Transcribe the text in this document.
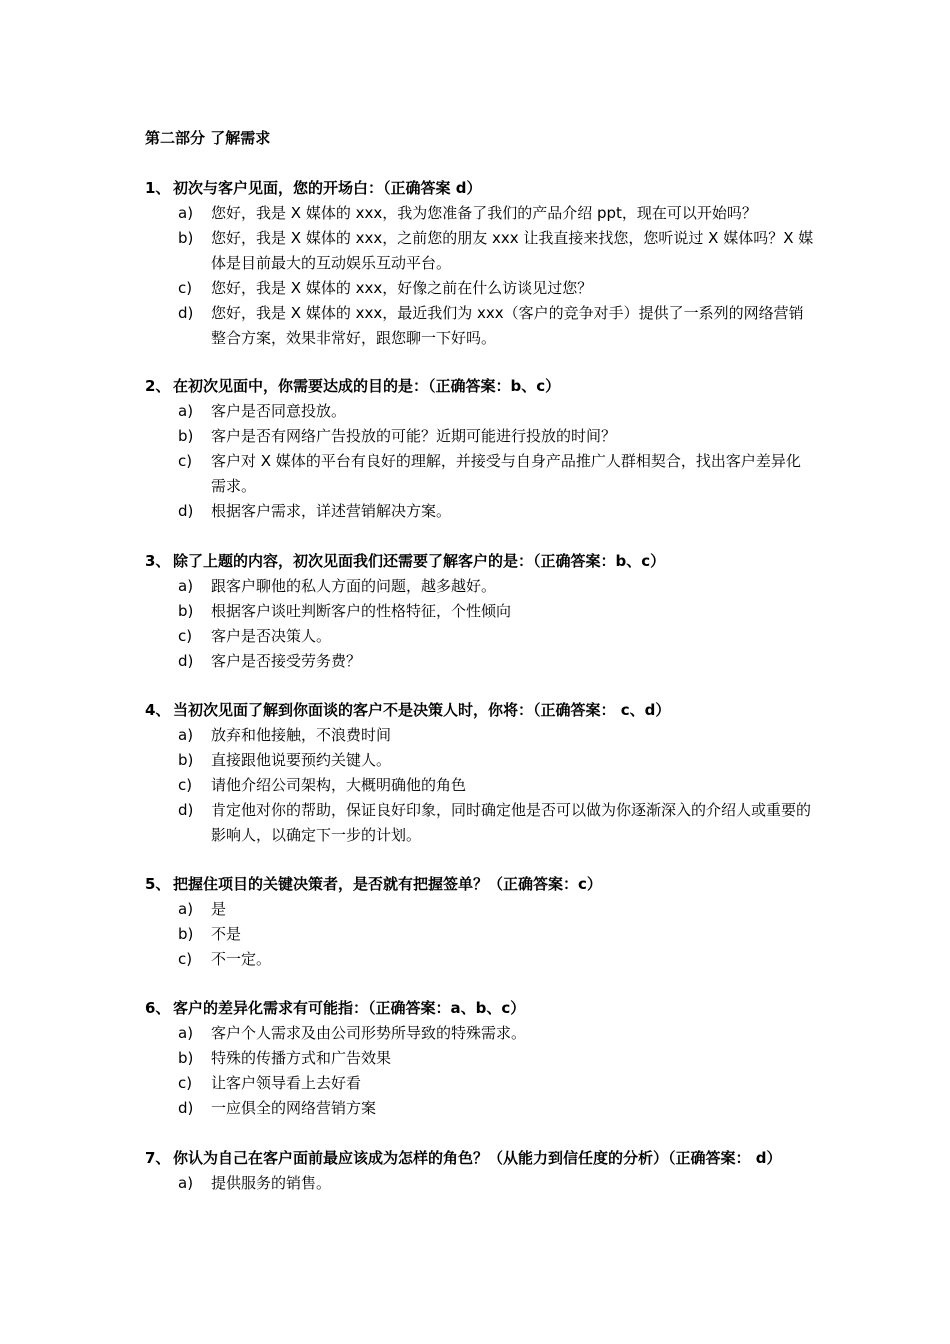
第二部分 了解需求
1、 初次与客户见面，您的开场白：（正确答案 d）
a)	您好，我是 X 媒体的 xxx，我为您准备了我们的产品介绍 ppt，现在可以开始吗？
b)	您好，我是 X 媒体的 xxx，之前您的朋友 xxx 让我直接来找您，您听说过 X 媒体吗？X 媒体是目前最大的互动娱乐互动平台。
c)	您好，我是 X 媒体的 xxx，好像之前在什么访谈见过您？
d)	您好，我是 X 媒体的 xxx，最近我们为 xxx（客户的竞争对手）提供了一系列的网络营销整合方案，效果非常好，跟您聊一下好吗。
2、 在初次见面中，你需要达成的目的是：（正确答案：b、c）
a)	客户是否同意投放。
b)	客户是否有网络广告投放的可能？近期可能进行投放的时间？
c)	客户对 X 媒体的平台有良好的理解，并接受与自身产品推广人群相契合，找出客户差异化需求。
d)	根据客户需求，详述营销解决方案。
3、 除了上题的内容，初次见面我们还需要了解客户的是：（正确答案：b、c）
a)	跟客户聊他的私人方面的问题，越多越好。
b)	根据客户谈吐判断客户的性格特征，个性倾向
c)	客户是否决策人。
d)	客户是否接受劳务费？
4、 当初次见面了解到你面谈的客户不是决策人时，你将：（正确答案： c、d）
a)	放弃和他接触，不浪费时间
b)	直接跟他说要预约关键人。
c)	请他介绍公司架构，大概明确他的角色
d)	肯定他对你的帮助，保证良好印象，同时确定他是否可以做为你逐渐深入的介绍人或重要的影响人，以确定下一步的计划。
5、 把握住项目的关键决策者，是否就有把握签单？（正确答案：c）
a)	是
b)	不是
c)	不一定。
6、 客户的差异化需求有可能指：（正确答案：a、b、c）
a)	客户个人需求及由公司形势所导致的特殊需求。
b)	特殊的传播方式和广告效果
c)	让客户领导看上去好看
d)	一应俱全的网络营销方案
7、 你认为自己在客户面前最应该成为怎样的角色？（从能力到信任度的分析）（正确答案： d）
a)	提供服务的销售。
